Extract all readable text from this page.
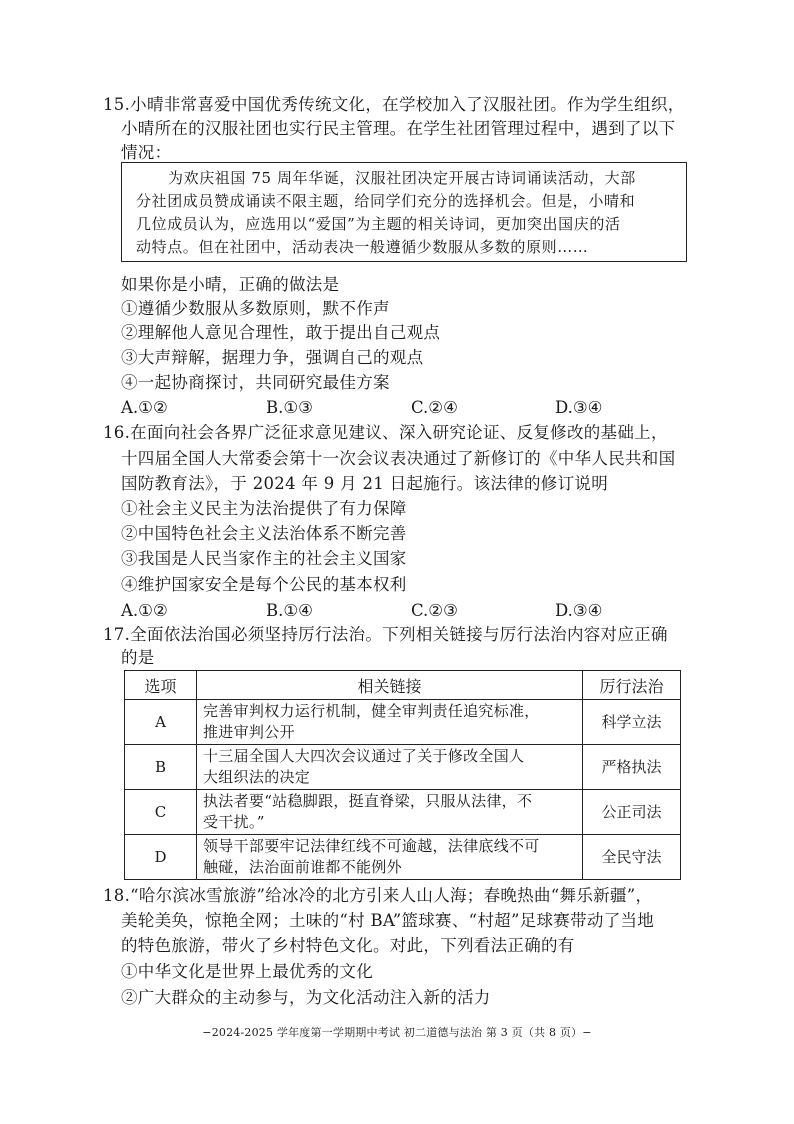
15.小晴非常喜爱中国优秀传统文化，在学校加入了汉服社团。作为学生组织，
小晴所在的汉服社团也实行民主管理。在学生社团管理过程中，遇到了以下
情况：
为欢庆祖国 75 周年华诞，汉服社团决定开展古诗词诵读活动，大部
分社团成员赞成诵读不限主题，给同学们充分的选择机会。但是，小晴和
几位成员认为，应选用以“爱国”为主题的相关诗词，更加突出国庆的活
动特点。但在社团中，活动表决一般遵循少数服从多数的原则……
如果你是小晴，正确的做法是
①遵循少数服从多数原则，默不作声
②理解他人意见合理性，敢于提出自己观点
③大声辩解，据理力争，强调自己的观点
④一起协商探讨，共同研究最佳方案
A.①②	B.①③	C.②④	D.③④
16.在面向社会各界广泛征求意见建议、深入研究论证、反复修改的基础上，
十四届全国人大常委会第十一次会议表决通过了新修订的《中华人民共和国
国防教育法》，于 2024 年 9 月 21 日起施行。该法律的修订说明
①社会主义民主为法治提供了有力保障
②中国特色社会主义法治体系不断完善
③我国是人民当家作主的社会主义国家
④维护国家安全是每个公民的基本权利
A.①②	B.①④	C.②③	D.③④
17.全面依法治国必须坚持厉行法治。下列相关链接与厉行法治内容对应正确
的是
选项	相关链接	厉行法治
A	完善审判权力运行机制，健全审判责任追究标准，
推进审判公开	科学立法
B	十三届全国人大四次会议通过了关于修改全国人
大组织法的决定	严格执法
C	执法者要“站稳脚跟，挺直脊梁，只服从法律，不
受干扰。”	公正司法
D	领导干部要牢记法律红线不可逾越，法律底线不可
触碰，法治面前谁都不能例外	全民守法
18.“哈尔滨冰雪旅游”给冰冷的北方引来人山人海；春晚热曲“舞乐新疆”，
美轮美奂，惊艳全网；土味的“村 BA”篮球赛、“村超”足球赛带动了当地
的特色旅游，带火了乡村特色文化。对此，下列看法正确的有
①中华文化是世界上最优秀的文化
②广大群众的主动参与，为文化活动注入新的活力
−2024-2025 学年度第一学期期中考试 初二道德与法治 第 3 页（共 8 页）−
